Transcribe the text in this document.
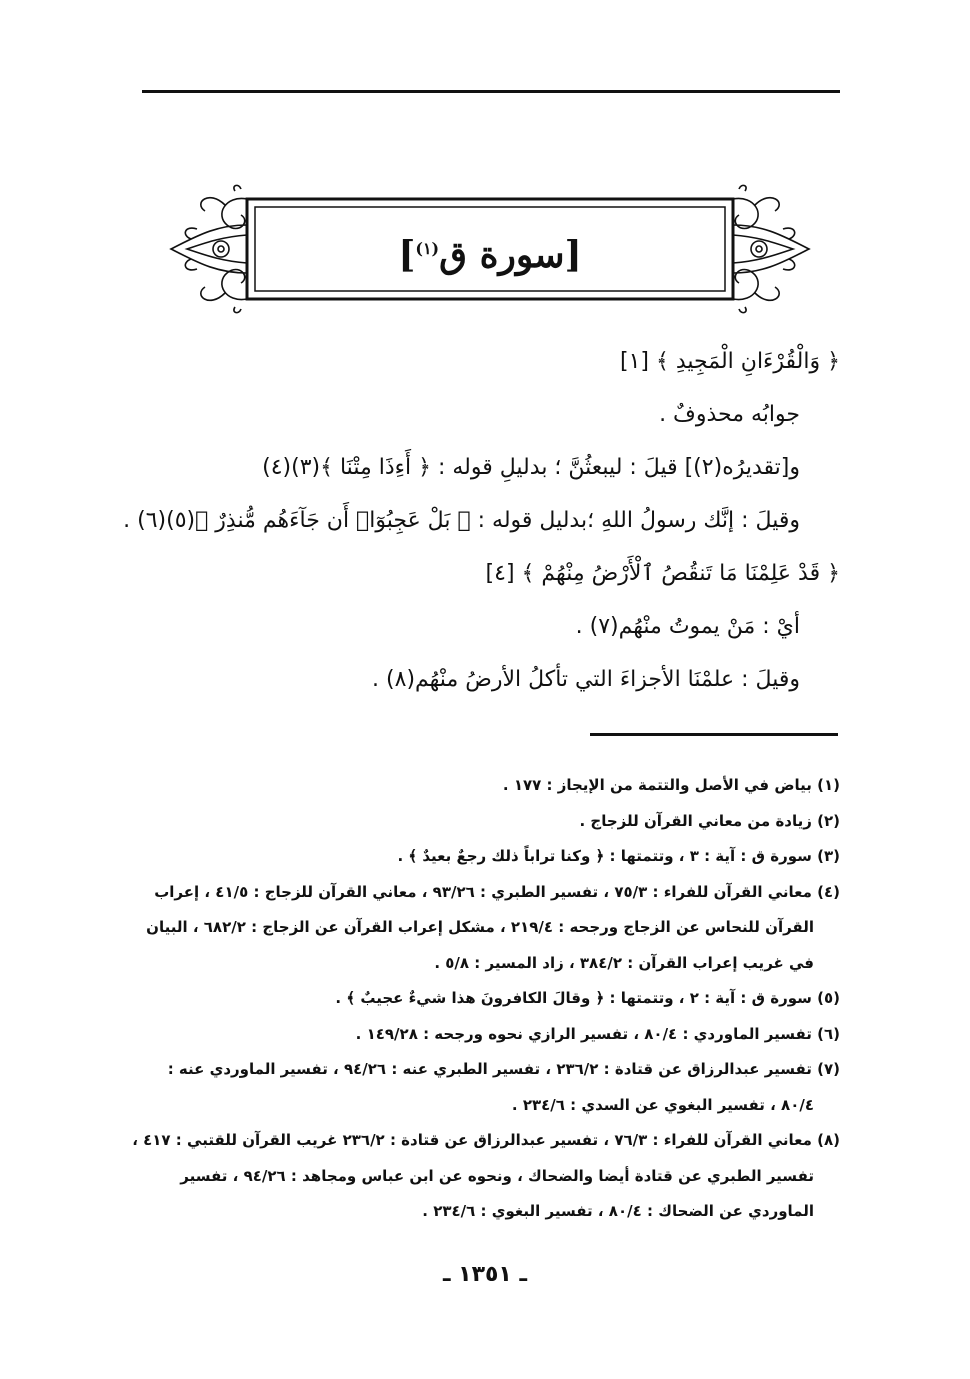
[سورة ق$^{(١)}$]
﴿ وَالْقُرْءَانِ الْمَجِيدِ ﴾ [١]
جوابُه محذوفٌ .
و[تقديرُه(٢)] قيلَ : ليبعثُنَّ ؛ بدليلِ قوله : ﴿ أَءِذَا مِتْنَا ﴾(٣)(٤)
وقيلَ : إنَّك رسولُ اللهِ ؛بدليل قوله : ﴿ بَلْ عَجِبُوٓا۟ أَن جَآءَهُم مُّنذِرٌ ﴾(٥)(٦) .
﴿ قَدْ عَلِمْنَا مَا تَنقُصُ ٱلْأَرْضُ مِنْهُمْ ﴾ [٤]
أيْ : مَنْ يموتُ منْهُم(٧) .
وقيلَ : علمْنَا الأجزاءَ التي تأكلُ الأرضُ منْهُم(٨) .
(١) بياض في الأصل والتتمة من الإيجاز : ١٧٧ .
(٢) زيادة من معاني القرآن للزجاج .
(٣) سورة ق : آية : ٣ ، وتتمتها : ﴿ وكنا تراباً ذلك رجعٌ بعيدٌ ﴾ .
(٤) معاني القرآن للفراء : ٧٥/٣ ، تفسير الطبري : ٩٣/٢٦ ، معاني القرآن للزجاج : ٤١/٥ ، إعراب
القرآن للنحاس عن الزجاج ورجحه : ٢١٩/٤ ، مشكل إعراب القرآن عن الزجاج : ٦٨٢/٢ ، البيان
في غريب إعراب القرآن : ٣٨٤/٢ ، زاد المسير : ٥/٨ .
(٥) سورة ق : آية : ٢ ، وتتمتها : ﴿ وقالَ الكافرونَ هذا شيءٌ عجيبٌ ﴾ .
(٦) تفسير الماوردي : ٨٠/٤ ، تفسير الرازي نحوه ورجحه : ١٤٩/٢٨ .
(٧) تفسير عبدالرزاق عن قتادة : ٢٣٦/٢ ، تفسير الطبري عنه : ٩٤/٢٦ ، تفسير الماوردي عنه :
٨٠/٤ ، تفسير البغوي عن السدي : ٢٣٤/٦ .
(٨) معاني القرآن للفراء : ٧٦/٣ ، تفسير عبدالرزاق عن قتادة : ٢٣٦/٢ غريب القرآن للقتبي : ٤١٧ ،
تفسير الطبري عن قتادة أيضا والضحاك ، ونحوه عن ابن عباس ومجاهد : ٩٤/٢٦ ، تفسير
الماوردي عن الضحاك : ٨٠/٤ ، تفسير البغوي : ٢٣٤/٦ .
ـ ١٣٥١ ـ
